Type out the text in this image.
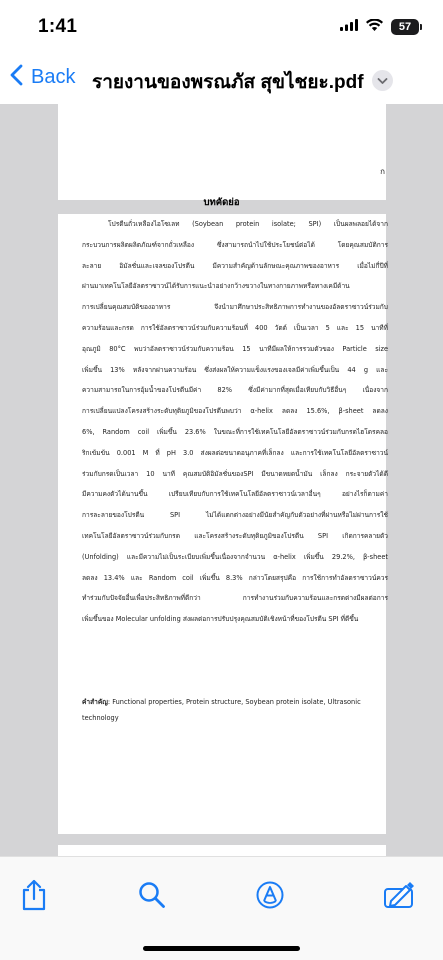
1:41	57
Back รายงานของพรณภัส สุขไชยะ.pdf
ก
บทคัดย่อ
โปรตีนถั่วเหลืองไอโซเลท (Soybean protein isolate; SPI) เป็นผลพลอยได้จาก
กระบวนการผลิตผลิตภัณฑ์จากถั่วเหลือง ซึ่งสามารถนำไปใช้ประโยชน์ต่อได้ โดยคุณสมบัติการ
ละลาย อิมัลชั่นและเจลของโปรตีน มีความสำคัญด้านลักษณะคุณภาพของอาหาร เมื่อไม่กี่ปีที่
ผ่านมาเทคโนโลยีอัลตราซาวน์ได้รับการแนะนำอย่างกว้างขวางในทางกายภาพหรือทางเคมีด้าน
การเปลี่ยนคุณสมบัติของอาหาร จึงนำมาศึกษาประสิทธิภาพการทำงานของอัลตราซาวน์ร่วมกับ
ความร้อนและกรด การใช้อัลตราซาวน์ร่วมกับความร้อนที่ 400 วัตต์ เป็นเวลา 5 และ 15 นาทีที่
อุณภูมิ 80°C พบว่าอัลตราซาวน์ร่วมกับความร้อน 15 นาทีมีผลให้การรวมตัวของ Particle size
เพิ่มขึ้น 13% หลังจากผ่านความร้อน ซึ่งส่งผลให้ความแข็งแรงของเจลมีค่าเพิ่มขึ้นเป็น 44 g และ
ความสามารถในการอุ้มน้ำของโปรตีนมีค่า 82% ซึ่งมีค่ามากที่สุดเมื่อเทียบกับวิธีอื่นๆ เนื่องจาก
การเปลี่ยนแปลงโครงสร้างระดับทุติยภูมิของโปรตีนพบว่า α-helix ลดลง 15.6%, β-sheet ลดลง
6%, Random coil เพิ่มขึ้น 23.6% ในขณะที่การใช้เทคโนโลยีอัลตราซาวน์ร่วมกับกรดไฮโดรคลอ
ริกเข้มข้น 0.001 M ที่ pH 3.0 ส่งผลต่อขนาดอนุภาคที่เล็กลง และการใช้เทคโนโลยีอัลตราซาวน์
ร่วมกับกรดเป็นเวลา 10 นาที คุณสมบัติอิมัลชั่นของSPI มีขนาดหยดน้ำมัน เล็กลง กระจายตัวได้ดี
มีความคงตัวได้นานขึ้น เปรียบเทียบกับการใช้เทคโนโลยีอัลตราซาวน์เวลาอื่นๆ อย่างไรก็ตามค่า
การละลายของโปรตีน SPI ไม่ได้แตกต่างอย่างมีนัยสำคัญกับตัวอย่างที่ผ่านหรือไม่ผ่านการใช้
เทคโนโลยีอัลตราซาวน์ร่วมกับกรด และโครงสร้างระดับทุติยภูมิของโปรตีน SPI เกิดการคลายตัว
(Unfolding) และมีความไม่เป็นระเบียบเพิ่มขึ้นเนื่องจากจำนวน α-helix เพิ่มขึ้น 29.2%, β-sheet
ลดลง 13.4% และ Random coil เพิ่มขึ้น 8.3% กล่าวโดยสรุปคือ การใช้การทำอัลตราซาวน์ควร
ทำร่วมกับปัจจัยอื่นเพื่อประสิทธิภาพที่ดีกว่า การทำงานร่วมกับความร้อนและกรดต่างมีผลต่อการ
เพิ่มขึ้นของ Molecular unfolding ส่งผลต่อการปรับปรุงคุณสมบัติเชิงหน้าที่ของโปรตีน SPI ที่ดีขึ้น
คำสำคัญ: Functional properties, Protein structure, Soybean protein isolate, Ultrasonic technology
